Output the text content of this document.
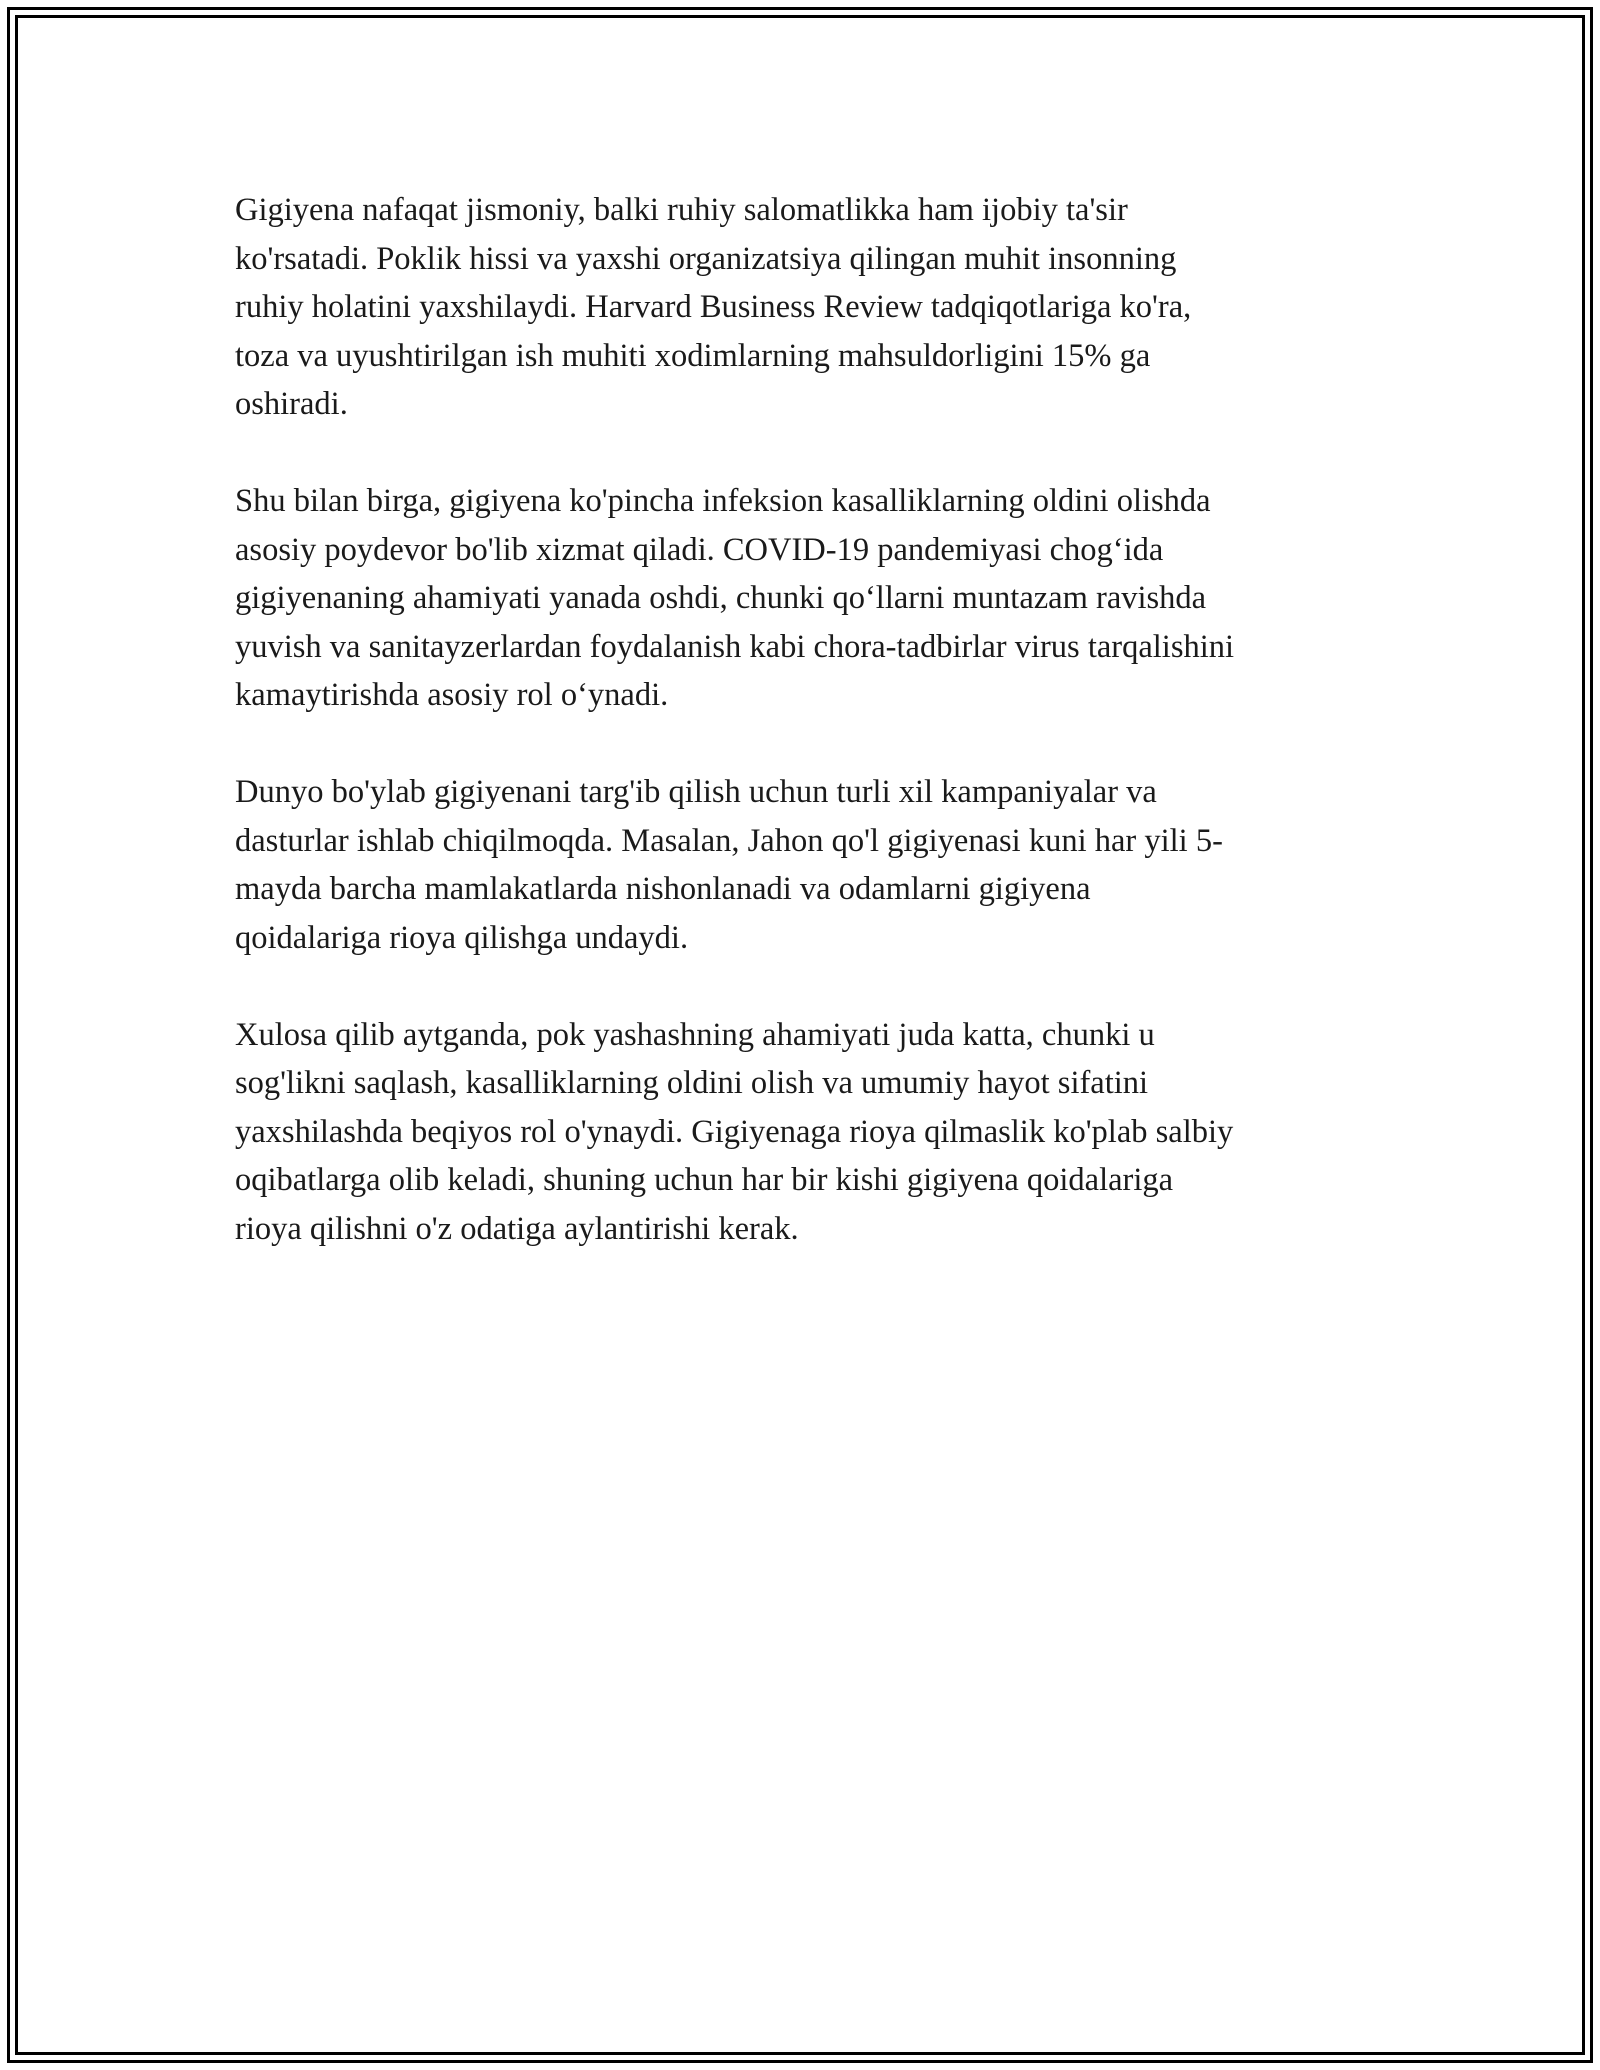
Gigiyena nafaqat jismoniy, balki ruhiy salomatlikka ham ijobiy ta'sir
ko'rsatadi. Poklik hissi va yaxshi organizatsiya qilingan muhit insonning
ruhiy holatini yaxshilaydi. Harvard Business Review tadqiqotlariga ko'ra,
toza va uyushtirilgan ish muhiti xodimlarning mahsuldorligini 15% ga
oshiradi.

Shu bilan birga, gigiyena ko'pincha infeksion kasalliklarning oldini olishda
asosiy poydevor bo'lib xizmat qiladi. COVID-19 pandemiyasi chog‘ida
gigiyenaning ahamiyati yanada oshdi, chunki qo‘llarni muntazam ravishda
yuvish va sanitayzerlardan foydalanish kabi chora-tadbirlar virus tarqalishini
kamaytirishda asosiy rol o‘ynadi.

Dunyo bo'ylab gigiyenani targ'ib qilish uchun turli xil kampaniyalar va
dasturlar ishlab chiqilmoqda. Masalan, Jahon qo'l gigiyenasi kuni har yili 5-
mayda barcha mamlakatlarda nishonlanadi va odamlarni gigiyena
qoidalariga rioya qilishga undaydi.

Xulosa qilib aytganda, pok yashashning ahamiyati juda katta, chunki u
sog'likni saqlash, kasalliklarning oldini olish va umumiy hayot sifatini
yaxshilashda beqiyos rol o'ynaydi. Gigiyenaga rioya qilmaslik ko'plab salbiy
oqibatlarga olib keladi, shuning uchun har bir kishi gigiyena qoidalariga
rioya qilishni o'z odatiga aylantirishi kerak.
